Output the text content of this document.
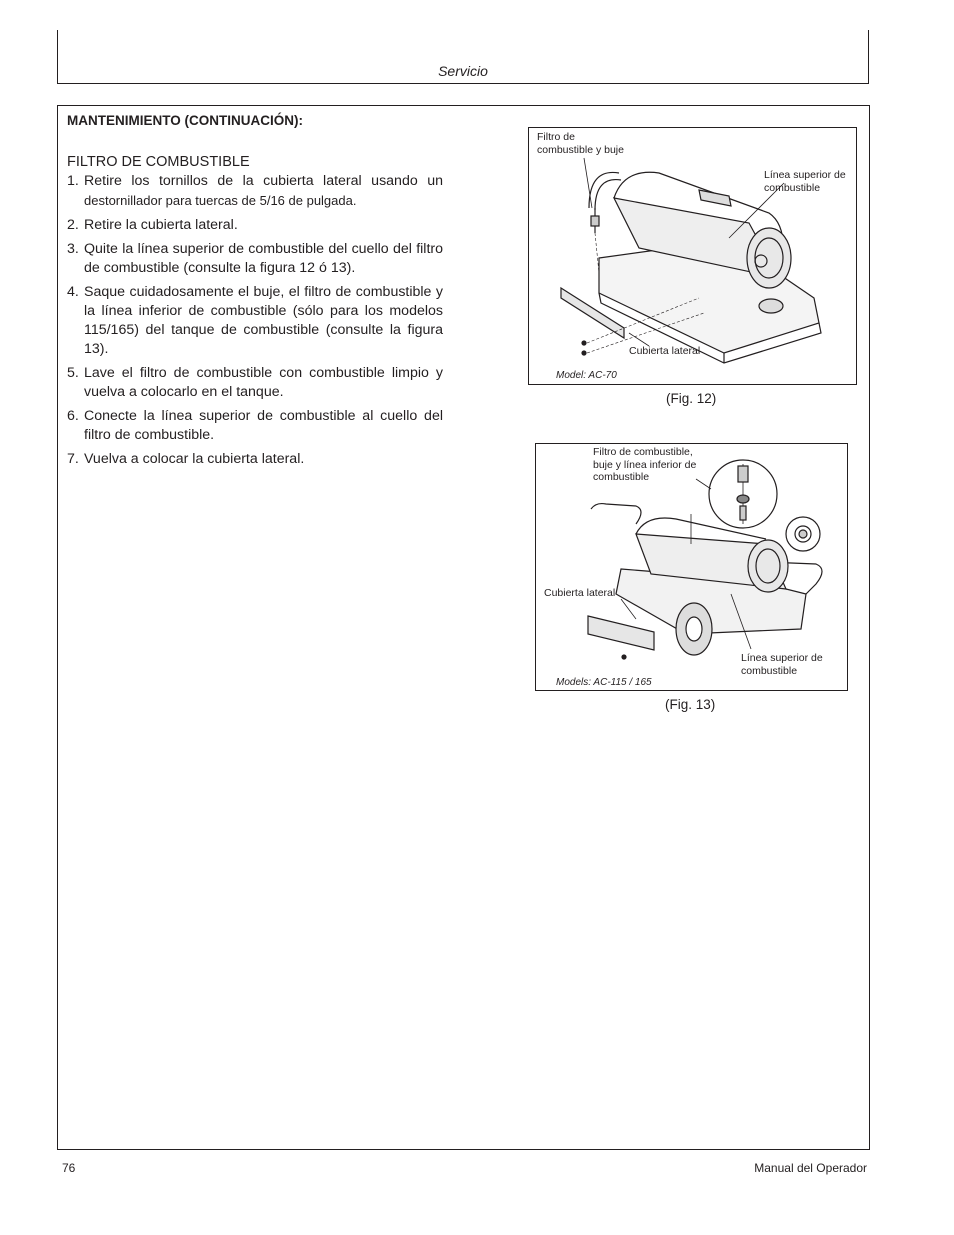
Servicio
MANTENIMIENTO (CONTINUACIÓN):
FILTRO DE COMBUSTIBLE
1. Retire los tornillos de la cubierta lateral usando un destornillador para tuercas de 5/16 de pulgada.
2. Retire la cubierta lateral.
3. Quite la línea superior de combustible del cuello del filtro de combustible (consulte la figura 12 ó 13).
4. Saque cuidadosamente el buje, el filtro de combustible y la línea inferior de combustible (sólo para los modelos 115/165) del tanque de combustible (consulte la figura 13).
5. Lave el filtro de combustible con combustible limpio y vuelva a colocarlo en el tanque.
6. Conecte la línea superior de combustible al cuello del filtro de combustible.
7. Vuelva a colocar la cubierta lateral.
Filtro de
combustible y buje
Línea superior de
combustible
Cubierta lateral
Model: AC-70
(Fig. 12)
Filtro de combustible,
buje y línea inferior de
combustible
Cubierta lateral
Línea superior de
combustible
Models: AC-115 / 165
(Fig. 13)
76	Manual del Operador
